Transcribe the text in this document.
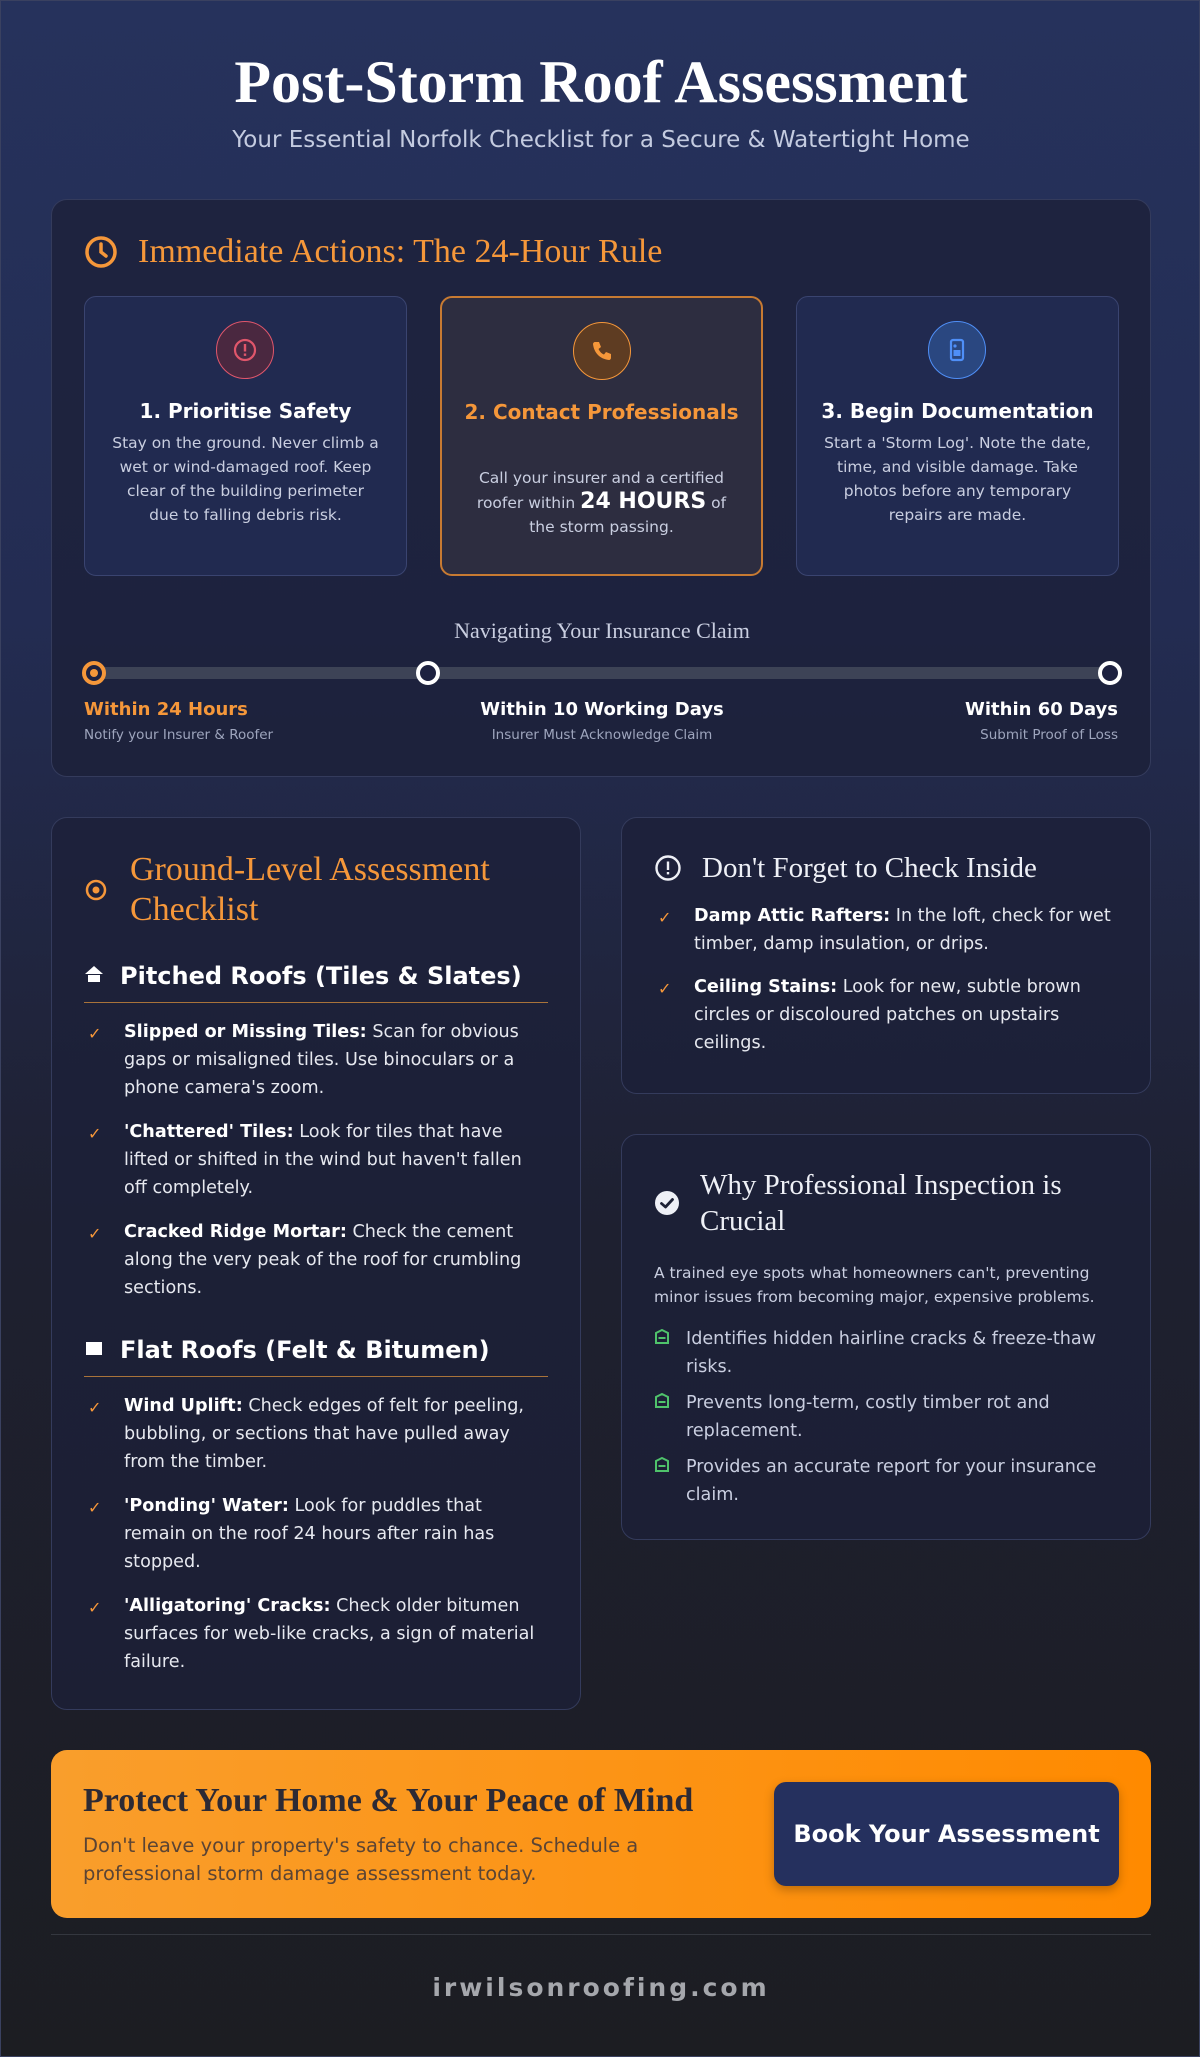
Post-Storm Roof Assessment
Your Essential Norfolk Checklist for a Secure & Watertight Home
Immediate Actions: The 24-Hour Rule
1. Prioritise Safety
Stay on the ground. Never climb a wet or wind-damaged roof. Keep clear of the building perimeter due to falling debris risk.
2. Contact Professionals
Call your insurer and a certified roofer within 24 HOURS of the storm passing.
3. Begin Documentation
Start a 'Storm Log'. Note the date, time, and visible damage. Take photos before any temporary repairs are made.
Navigating Your Insurance Claim
Within 24 Hours
Notify your Insurer & Roofer
Within 10 Working Days
Insurer Must Acknowledge Claim
Within 60 Days
Submit Proof of Loss
Ground-Level Assessment Checklist
Pitched Roofs (Tiles & Slates)
✓	Slipped or Missing Tiles: Scan for obvious gaps or misaligned tiles. Use binoculars or a phone camera's zoom.
✓	'Chattered' Tiles: Look for tiles that have lifted or shifted in the wind but haven't fallen off completely.
✓	Cracked Ridge Mortar: Check the cement along the very peak of the roof for crumbling sections.
Flat Roofs (Felt & Bitumen)
✓	Wind Uplift: Check edges of felt for peeling, bubbling, or sections that have pulled away from the timber.
✓	'Ponding' Water: Look for puddles that remain on the roof 24 hours after rain has stopped.
✓	'Alligatoring' Cracks: Check older bitumen surfaces for web-like cracks, a sign of material failure.
Don't Forget to Check Inside
✓	Damp Attic Rafters: In the loft, check for wet timber, damp insulation, or drips.
✓	Ceiling Stains: Look for new, subtle brown circles or discoloured patches on upstairs ceilings.
Why Professional Inspection is Crucial
A trained eye spots what homeowners can't, preventing minor issues from becoming major, expensive problems.
Identifies hidden hairline cracks & freeze-thaw risks.
Prevents long-term, costly timber rot and replacement.
Provides an accurate report for your insurance claim.
Protect Your Home & Your Peace of Mind
Don't leave your property's safety to chance. Schedule a professional storm damage assessment today.
Book Your Assessment
irwilsonroofing.com
